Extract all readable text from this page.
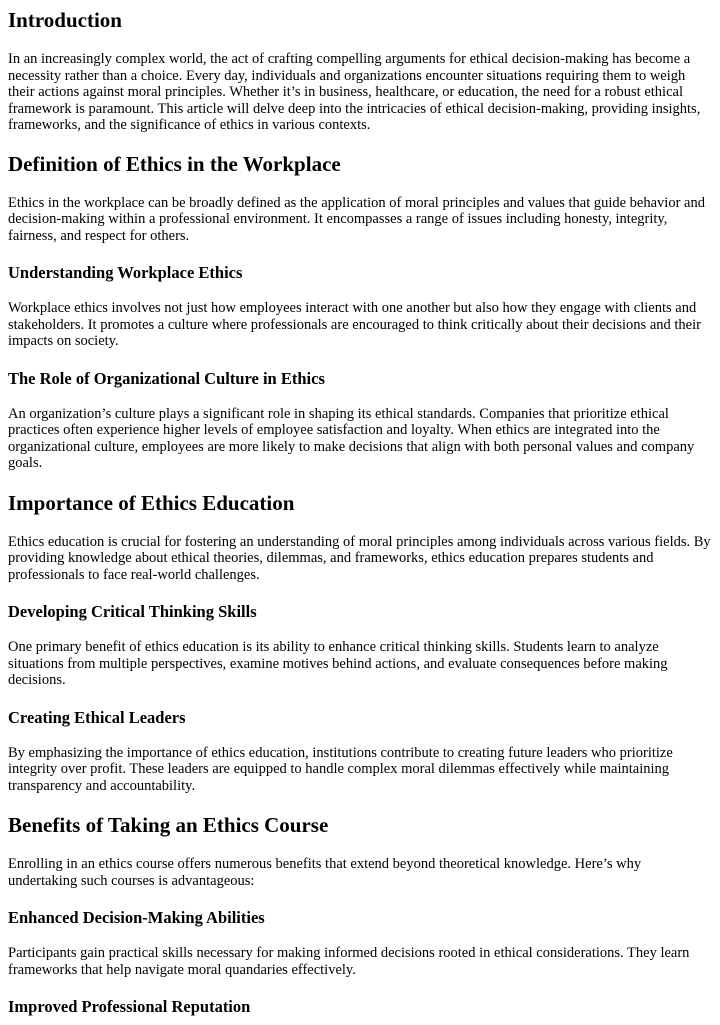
Introduction

In an increasingly complex world, the act of crafting compelling arguments for ethical decision-making has become a necessity rather than a choice. Every day, individuals and organizations encounter situations requiring them to weigh their actions against moral principles. Whether it’s in business, healthcare, or education, the need for a robust ethical framework is paramount. This article will delve deep into the intricacies of ethical decision-making, providing insights, frameworks, and the significance of ethics in various contexts.

Definition of Ethics in the Workplace

Ethics in the workplace can be broadly defined as the application of moral principles and values that guide behavior and decision-making within a professional environment. It encompasses a range of issues including honesty, integrity, fairness, and respect for others.

Understanding Workplace Ethics

Workplace ethics involves not just how employees interact with one another but also how they engage with clients and stakeholders. It promotes a culture where professionals are encouraged to think critically about their decisions and their impacts on society.

The Role of Organizational Culture in Ethics

An organization’s culture plays a significant role in shaping its ethical standards. Companies that prioritize ethical practices often experience higher levels of employee satisfaction and loyalty. When ethics are integrated into the organizational culture, employees are more likely to make decisions that align with both personal values and company goals.

Importance of Ethics Education

Ethics education is crucial for fostering an understanding of moral principles among individuals across various fields. By providing knowledge about ethical theories, dilemmas, and frameworks, ethics education prepares students and professionals to face real-world challenges.

Developing Critical Thinking Skills

One primary benefit of ethics education is its ability to enhance critical thinking skills. Students learn to analyze situations from multiple perspectives, examine motives behind actions, and evaluate consequences before making decisions.

Creating Ethical Leaders

By emphasizing the importance of ethics education, institutions contribute to creating future leaders who prioritize integrity over profit. These leaders are equipped to handle complex moral dilemmas effectively while maintaining transparency and accountability.

Benefits of Taking an Ethics Course

Enrolling in an ethics course offers numerous benefits that extend beyond theoretical knowledge. Here’s why undertaking such courses is advantageous:

Enhanced Decision-Making Abilities

Participants gain practical skills necessary for making informed decisions rooted in ethical considerations. They learn frameworks that help navigate moral quandaries effectively.

Improved Professional Reputation
